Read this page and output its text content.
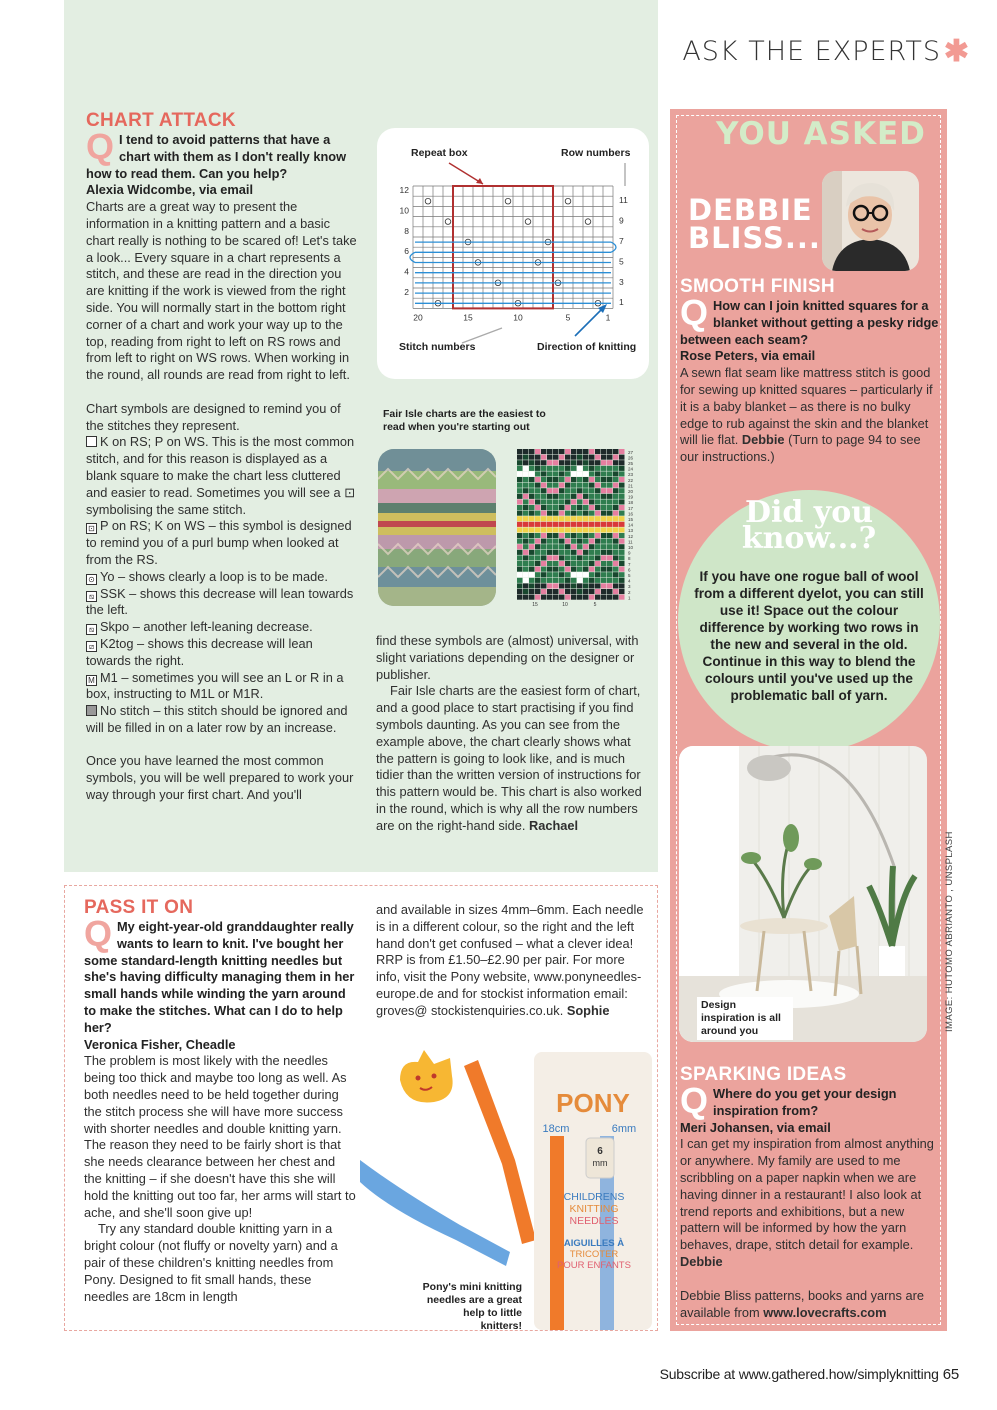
ASK THE EXPERTS ✱
CHART ATTACK
Q I tend to avoid patterns that have a chart with them as I don't really know how to read them. Can you help?
Alexia Widcombe, via email

Charts are a great way to present the information in a knitting pattern and a basic chart really is nothing to be scared of! Let's take a look... Every square in a chart represents a stitch, and these are read in the direction you are knitting if the work is viewed from the right side. You will normally start in the bottom right corner of a chart and work your way up to the top, reading from right to left on RS rows and from left to right on WS rows. When working in the round, all rounds are read from right to left.

Chart symbols are designed to remind you of the stitches they represent.

K on RS; P on WS. This is the most common stitch, and for this reason is displayed as a blank square to make the chart less cluttered and easier to read. Sometimes you will see a ⊡ symbolising the same stitch.

⊡ P on RS; K on WS – this symbol is designed to remind you of a purl bump when looked at from the RS.

⊙ Yo – shows clearly a loop is to be made.

⧅ SSK – shows this decrease will lean towards the left.

⧅ Skpo – another left-leaning decrease.

⧄ K2tog – shows this decrease will lean towards the right.

M M1 – sometimes you will see an L or R in a box, instructing to M1L or M1R.

No stitch – this stitch should be ignored and will be filled in on a later row by an increase.

Once you have learned the most common symbols, you will be well prepared to work your way through your first chart. And you'll

Repeat box	Row numbers
Stitch numbers	Direction of knitting
12
10
8
6
4
2
11
9
7
5
3
1
20	15	10	5	1
Fair Isle charts are the easiest to read when you're starting out
27
26
25
24
23
22
21
20
19
18
17
16
15
14
13
12
11
10
9
8
7
6
5
4
3
2
1
15	10	5

find these symbols are (almost) universal, with slight variations depending on the designer or publisher.

Fair Isle charts are the easiest form of chart, and a good place to start practising if you find symbols daunting. As you can see from the example above, the chart clearly shows what the pattern is going to look like, and is much tidier than the written version of instructions for this pattern would be. This chart is also worked in the round, which is why all the row numbers are on the right-hand side. Rachael

PASS IT ON
Q My eight-year-old granddaughter really wants to learn to knit. I've bought her some standard-length knitting needles but she's having difficulty managing them in her small hands while winding the yarn around to make the stitches. What can I do to help her?
Veronica Fisher, Cheadle

The problem is most likely with the needles being too thick and maybe too long as well. As both needles need to be held together during the stitch process she will have more success with shorter needles and double knitting yarn. The reason they need to be fairly short is that she needs clearance between her chest and the knitting – if she doesn't have this she will hold the knitting out too far, her arms will start to ache, and she'll soon give up!

Try any standard double knitting yarn in a bright colour (not fluffy or novelty yarn) and a pair of these children's knitting needles from Pony. Designed to fit small hands, these needles are 18cm in length

and available in sizes 4mm–6mm. Each needle is in a different colour, so the right and the left hand don't get confused – what a clever idea! RRP is from £1.50–£2.90 per pair. For more info, visit the Pony website, www.ponyneedles-europe.de and for stockist information email: groves@ stockistenquiries.co.uk. Sophie

PONY
18cm	6mm
6
mm
CHILDRENS
KNITTING
NEEDLES
AIGUILLES À
TRICOTER
POUR ENFANTS
Pony's mini knitting needles are a great help to little knitters!
YOU ASKED
DEBBIE
BLISS...
SMOOTH FINISH
Q How can I join knitted squares for a blanket without getting a pesky ridge between each seam?
Rose Peters, via email

A sewn flat seam like mattress stitch is good for sewing up knitted squares – particularly if it is a baby blanket – as there is no bulky edge to rub against the skin and the blanket will lie flat. Debbie (Turn to page 94 to see our instructions.)

Did you
know...?
If you have one rogue ball of wool from a different dyelot, you can still use it! Space out the colour difference by working two rows in the new and several in the old. Continue in this way to blend the colours until you've used up the problematic ball of yarn.
Design inspiration is all around you	IMAGE: HUTOMO ABRIANTO , UNSPLASH
SPARKING IDEAS
Q Where do you get your design inspiration from?
Meri Johansen, via email

I can get my inspiration from almost anything or anywhere. My family are used to me scribbling on a paper napkin when we are having dinner in a restaurant! I also look at trend reports and exhibitions, but a new pattern will be informed by how the yarn behaves, drape, stitch detail for example. Debbie

Debbie Bliss patterns, books and yarns are available from www.lovecrafts.com

Subscribe at www.gathered.how/simplyknitting 65
